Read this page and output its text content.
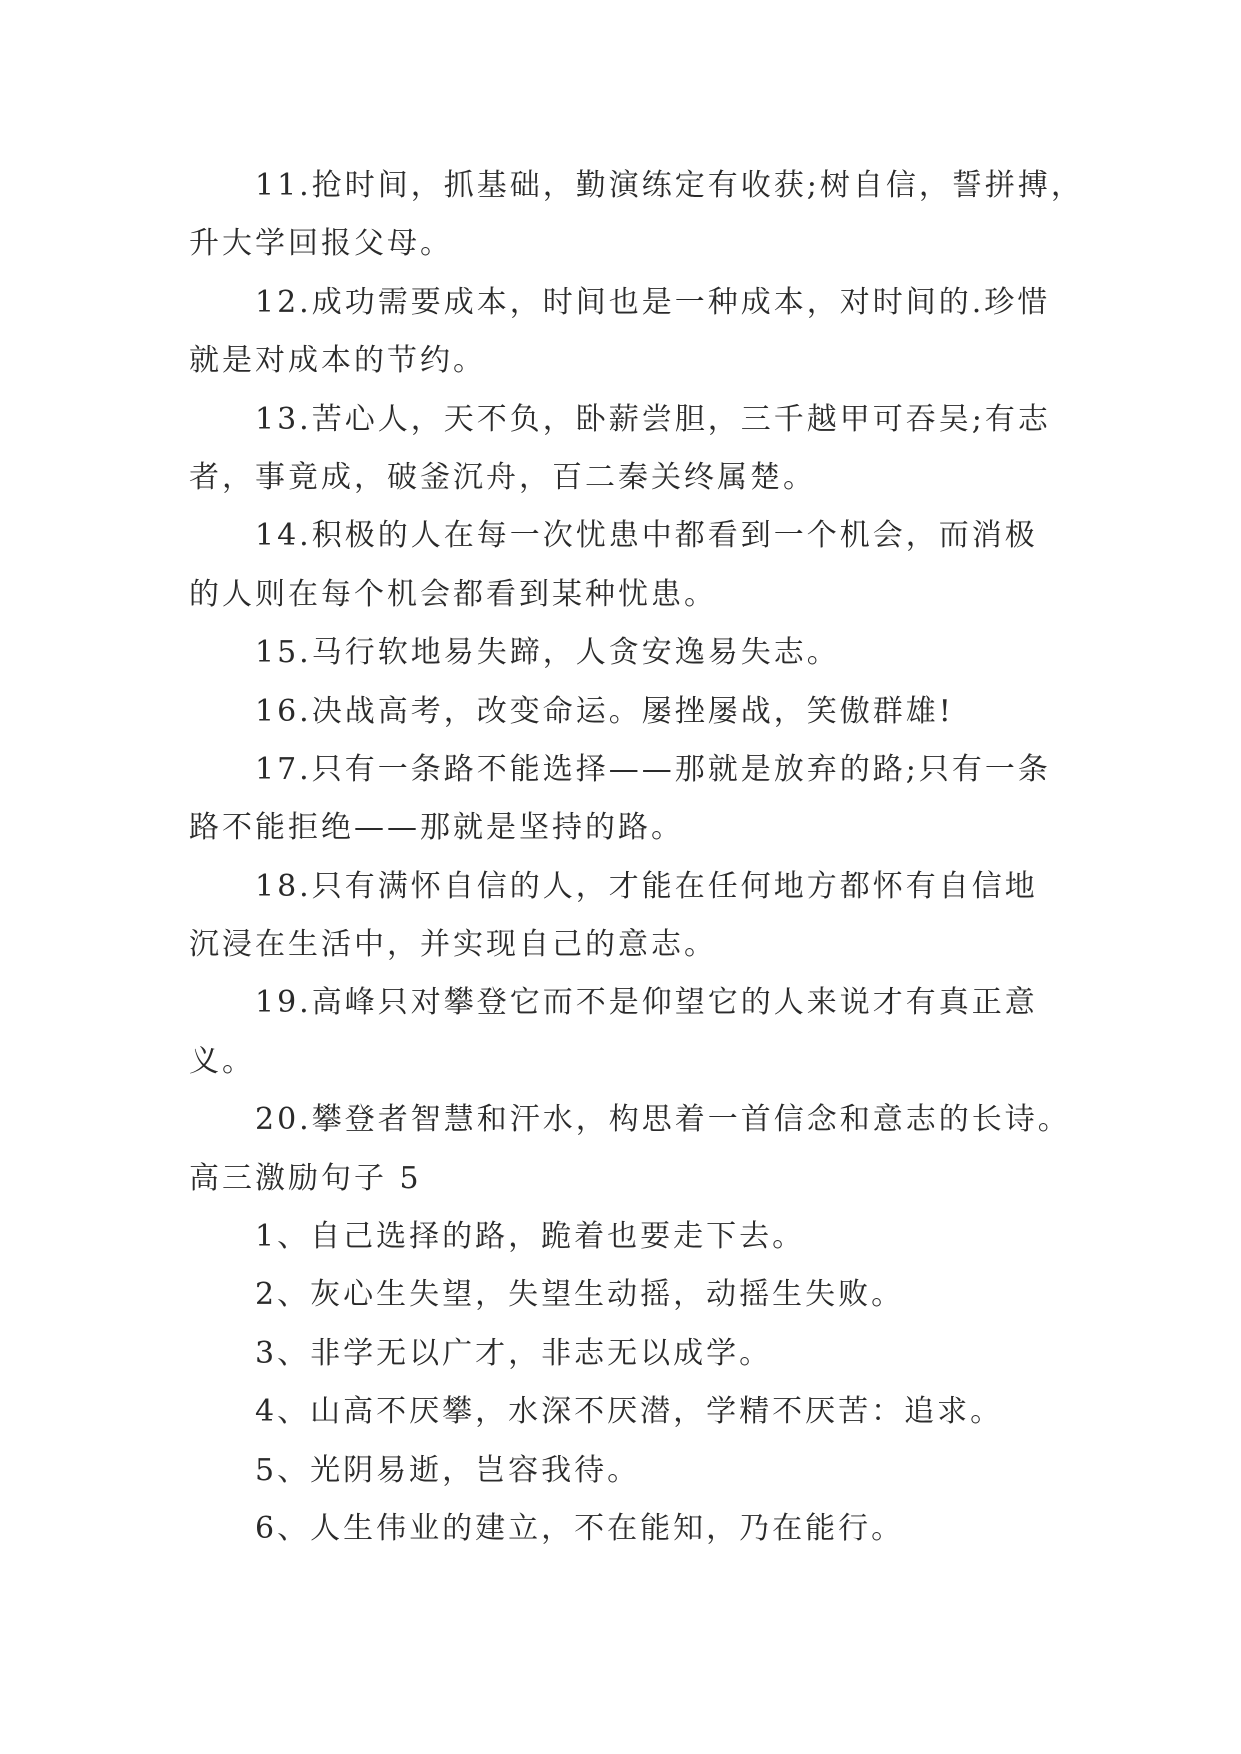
11.抢时间，抓基础，勤演练定有收获;树自信，誓拼搏，
升大学回报父母。
12.成功需要成本，时间也是一种成本，对时间的.珍惜
就是对成本的节约。
13.苦心人，天不负，卧薪尝胆，三千越甲可吞吴;有志
者，事竟成，破釜沉舟，百二秦关终属楚。
14.积极的人在每一次忧患中都看到一个机会，而消极
的人则在每个机会都看到某种忧患。
15.马行软地易失蹄，人贪安逸易失志。
16.决战高考，改变命运。屡挫屡战，笑傲群雄!
17.只有一条路不能选择——那就是放弃的路;只有一条
路不能拒绝——那就是坚持的路。
18.只有满怀自信的人，才能在任何地方都怀有自信地
沉浸在生活中，并实现自己的意志。
19.高峰只对攀登它而不是仰望它的人来说才有真正意
义。
20.攀登者智慧和汗水，构思着一首信念和意志的长诗。
高三激励句子 5
1、自己选择的路，跪着也要走下去。
2、灰心生失望，失望生动摇，动摇生失败。
3、非学无以广才，非志无以成学。
4、山高不厌攀，水深不厌潜，学精不厌苦：追求。
5、光阴易逝，岂容我待。
6、人生伟业的建立，不在能知，乃在能行。
